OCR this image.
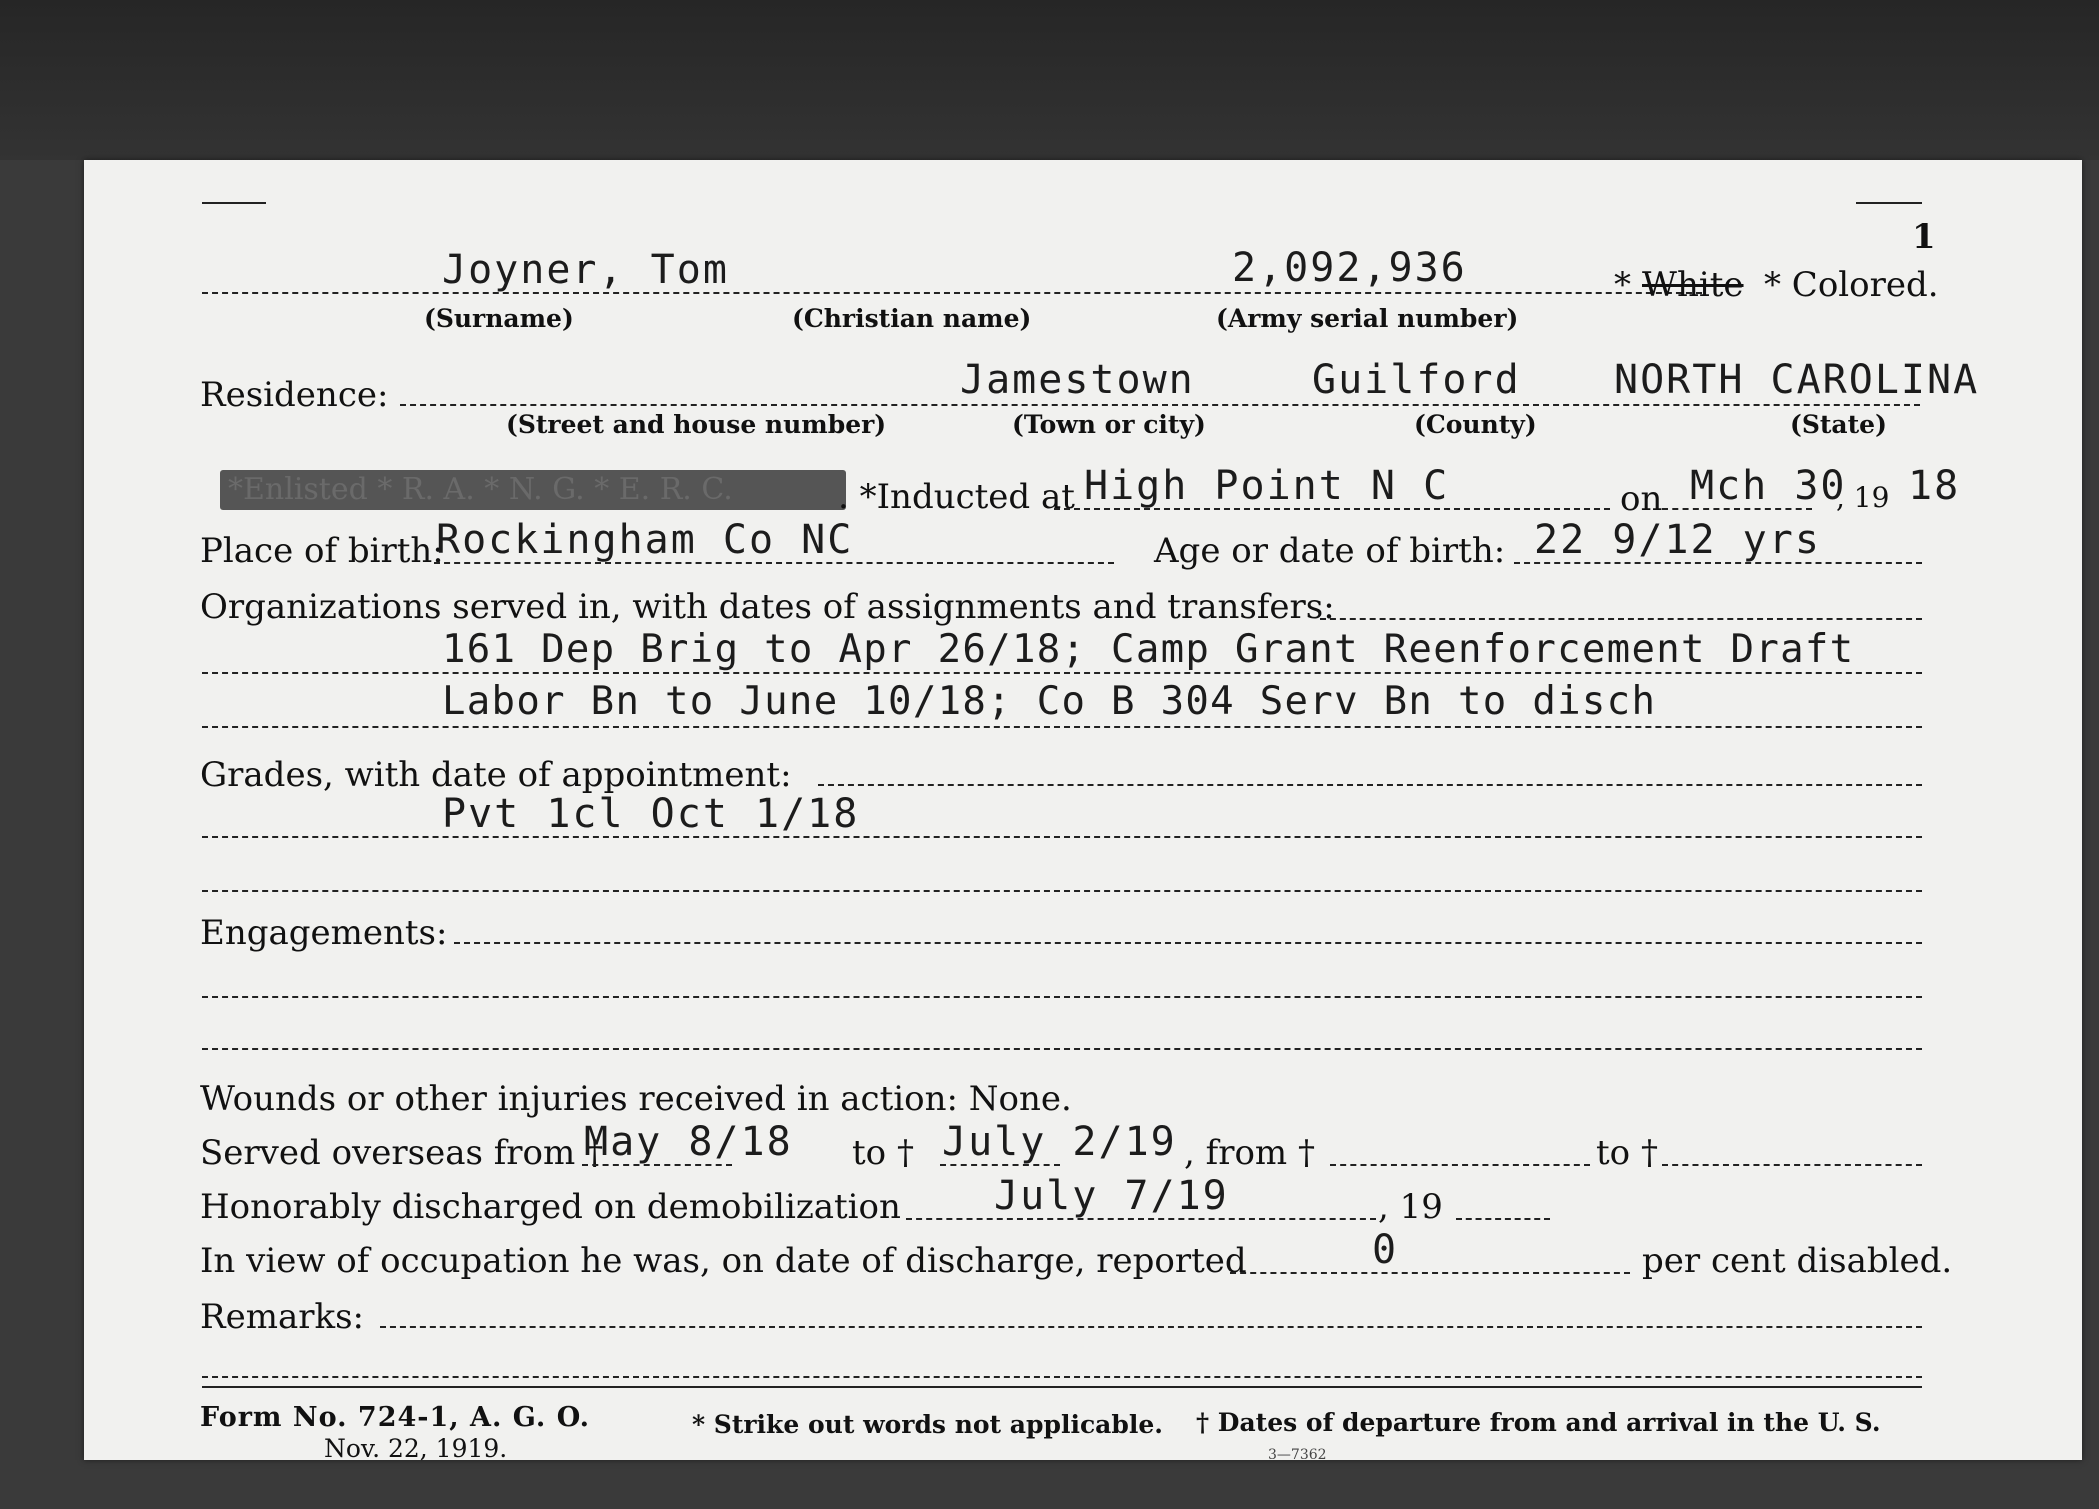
1
Joyner, Tom	2,092,936	* White * Colored.
(Surname)	(Christian name)	(Army serial number)
Residence:	Jamestown	Guilford NORTH CAROLINA
(Street and house number)	(Town or city)	(County)	(State)
*Enlisted * R. A. * N. G. * E. R. C.	. *Inducted at High Point N C	on Mch 30
, 19 18
Place of birth:
Rockingham Co NC	Age or date of birth: 22 9/12 yrs
Organizations served in, with dates of assignments and transfers:
161 Dep Brig to Apr 26/18; Camp Grant Reenforcement Draft
Labor Bn to June 10/18; Co B 304 Serv Bn to disch
Grades, with date of appointment:
Pvt 1cl Oct 1/18
Engagements:
Wounds or other injuries received in action: None.
Served overseas from †
May 8/18 to † July 2/19 , from †	to †
Honorably discharged on demobilization July 7/19	, 19
In view of occupation he was, on date of discharge, reported	0	per cent disabled.
Remarks:
Form No. 724-1, A. G. O.
Nov. 22, 1919.
* Strike out words not applicable. † Dates of departure from and arrival in the U. S.
3—7362
